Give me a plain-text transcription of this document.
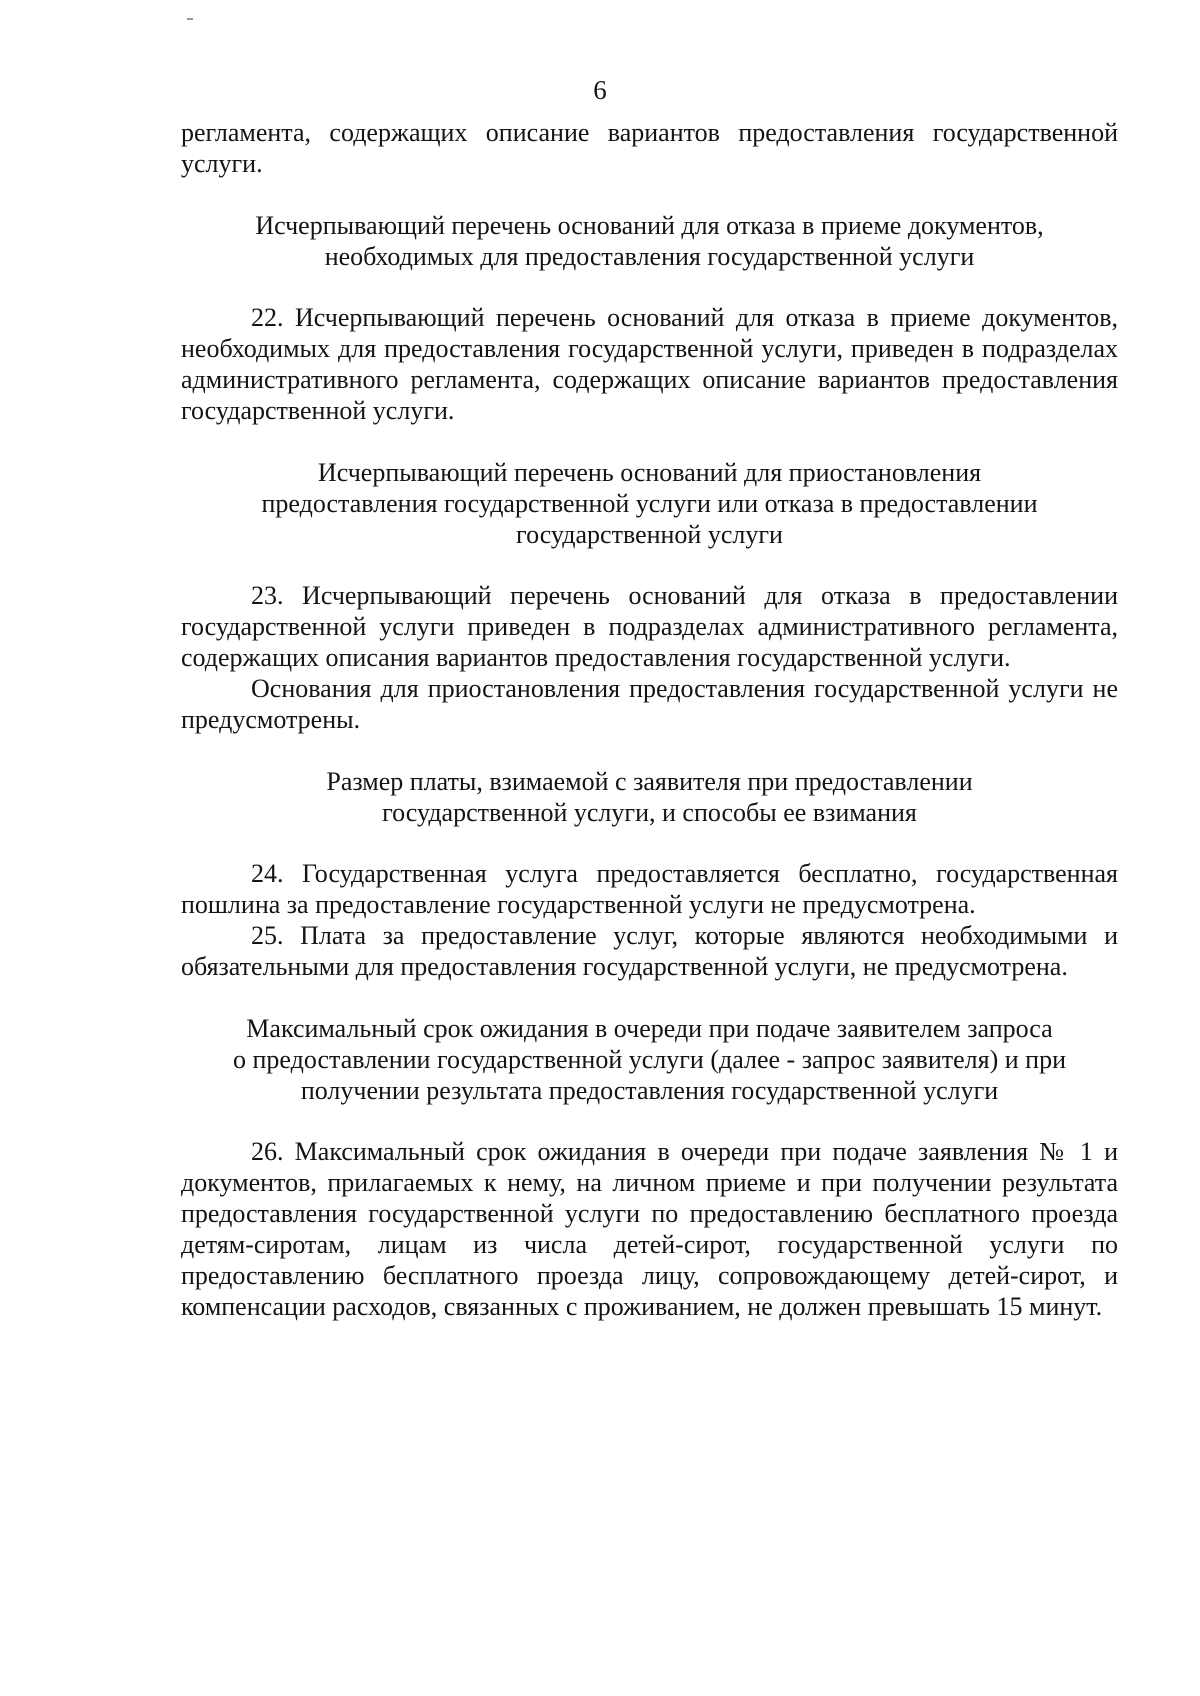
6

регламента, содержащих описание вариантов предоставления государственной услуги.

Исчерпывающий перечень оснований для отказа в приеме документов,
необходимых для предоставления государственной услуги

22. Исчерпывающий перечень оснований для отказа в приеме документов, необходимых для предоставления государственной услуги, приведен в подразделах административного регламента, содержащих описание вариантов предоставления государственной услуги.

Исчерпывающий перечень оснований для приостановления
предоставления государственной услуги или отказа в предоставлении
государственной услуги

23. Исчерпывающий перечень оснований для отказа в предоставлении государственной услуги приведен в подразделах административного регламента, содержащих описания вариантов предоставления государственной услуги.

Основания для приостановления предоставления государственной услуги не предусмотрены.

Размер платы, взимаемой с заявителя при предоставлении
государственной услуги, и способы ее взимания

24. Государственная услуга предоставляется бесплатно, государственная пошлина за предоставление государственной услуги не предусмотрена.

25. Плата за предоставление услуг, которые являются необходимыми и обязательными для предоставления государственной услуги, не предусмотрена.

Максимальный срок ожидания в очереди при подаче заявителем запроса
о предоставлении государственной услуги (далее - запрос заявителя) и при
получении результата предоставления государственной услуги

26. Максимальный срок ожидания в очереди при подаче заявления № 1 и документов, прилагаемых к нему, на личном приеме и при получении результата предоставления государственной услуги по предоставлению бесплатного проезда детям-сиротам, лицам из числа детей-сирот, государственной услуги по предоставлению бесплатного проезда лицу, сопровождающему детей-сирот, и компенсации расходов, связанных с проживанием, не должен превышать 15 минут.
